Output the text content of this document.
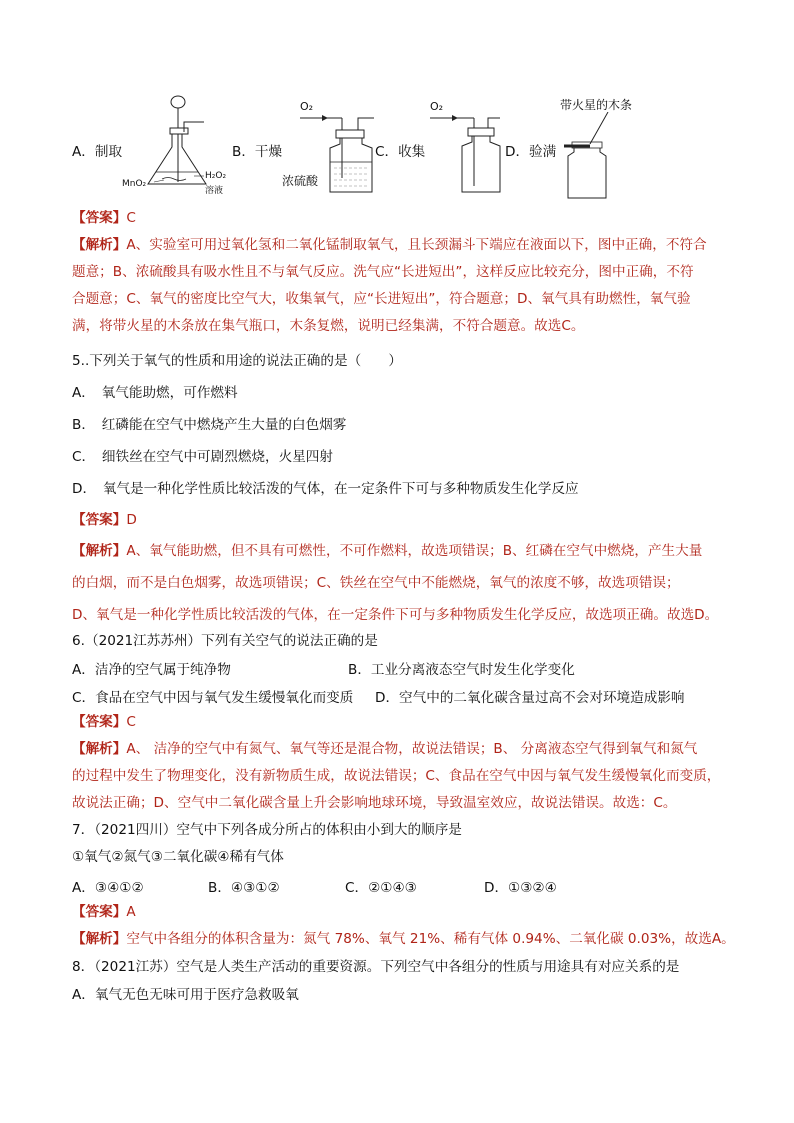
A．制取	B．干燥	C．收集	D．验满
MnO₂
H₂O₂
溶液
O₂
浓硫酸
O₂	带火星的木条
【答案】C
【解析】A、实验室可用过氧化氢和二氧化锰制取氧气，且长颈漏斗下端应在液面以下，图中正确，不符合
题意；B、浓硫酸具有吸水性且不与氧气反应。洗气应“长进短出”，这样反应比较充分，图中正确，不符
合题意；C、氧气的密度比空气大，收集氧气，应“长进短出”，符合题意；D、氧气具有助燃性，氧气验
满，将带火星的木条放在集气瓶口，木条复燃，说明已经集满，不符合题意。故选C。
5..下列关于氧气的性质和用途的说法正确的是（　　）
A．　氧气能助燃，可作燃料
B．　红磷能在空气中燃烧产生大量的白色烟雾
C．　细铁丝在空气中可剧烈燃烧，火星四射
D．　氧气是一种化学性质比较活泼的气体，在一定条件下可与多种物质发生化学反应
【答案】D
【解析】A、氧气能助燃，但不具有可燃性，不可作燃料，故选项错误；B、红磷在空气中燃烧，产生大量
的白烟，而不是白色烟雾，故选项错误；C、铁丝在空气中不能燃烧，氧气的浓度不够，故选项错误；
D、氧气是一种化学性质比较活泼的气体，在一定条件下可与多种物质发生化学反应，故选项正确。故选D。
6.（2021江苏苏州）下列有关空气的说法正确的是
A．洁净的空气属于纯净物	B．工业分离液态空气时发生化学变化
C．食品在空气中因与氧气发生缓慢氧化而变质 D．空气中的二氧化碳含量过高不会对环境造成影响
【答案】C
【解析】A、 洁净的空气中有氮气、氧气等还是混合物，故说法错误；B、 分离液态空气得到氧气和氮气
的过程中发生了物理变化，没有新物质生成，故说法错误；C、食品在空气中因与氧气发生缓慢氧化而变质，
故说法正确；D、空气中二氧化碳含量上升会影响地球环境，导致温室效应，故说法错误。故选：C。
7．（2021四川）空气中下列各成分所占的体积由小到大的顺序是
①氧气②氮气③二氧化碳④稀有气体
A．③④①②	B．④③①②	C．②①④③	D．①③②④
【答案】A
【解析】空气中各组分的体积含量为：氮气 78%、氧气 21%、稀有气体 0.94%、二氧化碳 0.03%，故选A。
8．（2021江苏）空气是人类生产活动的重要资源。下列空气中各组分的性质与用途具有对应关系的是
A．氧气无色无味可用于医疗急救吸氧
